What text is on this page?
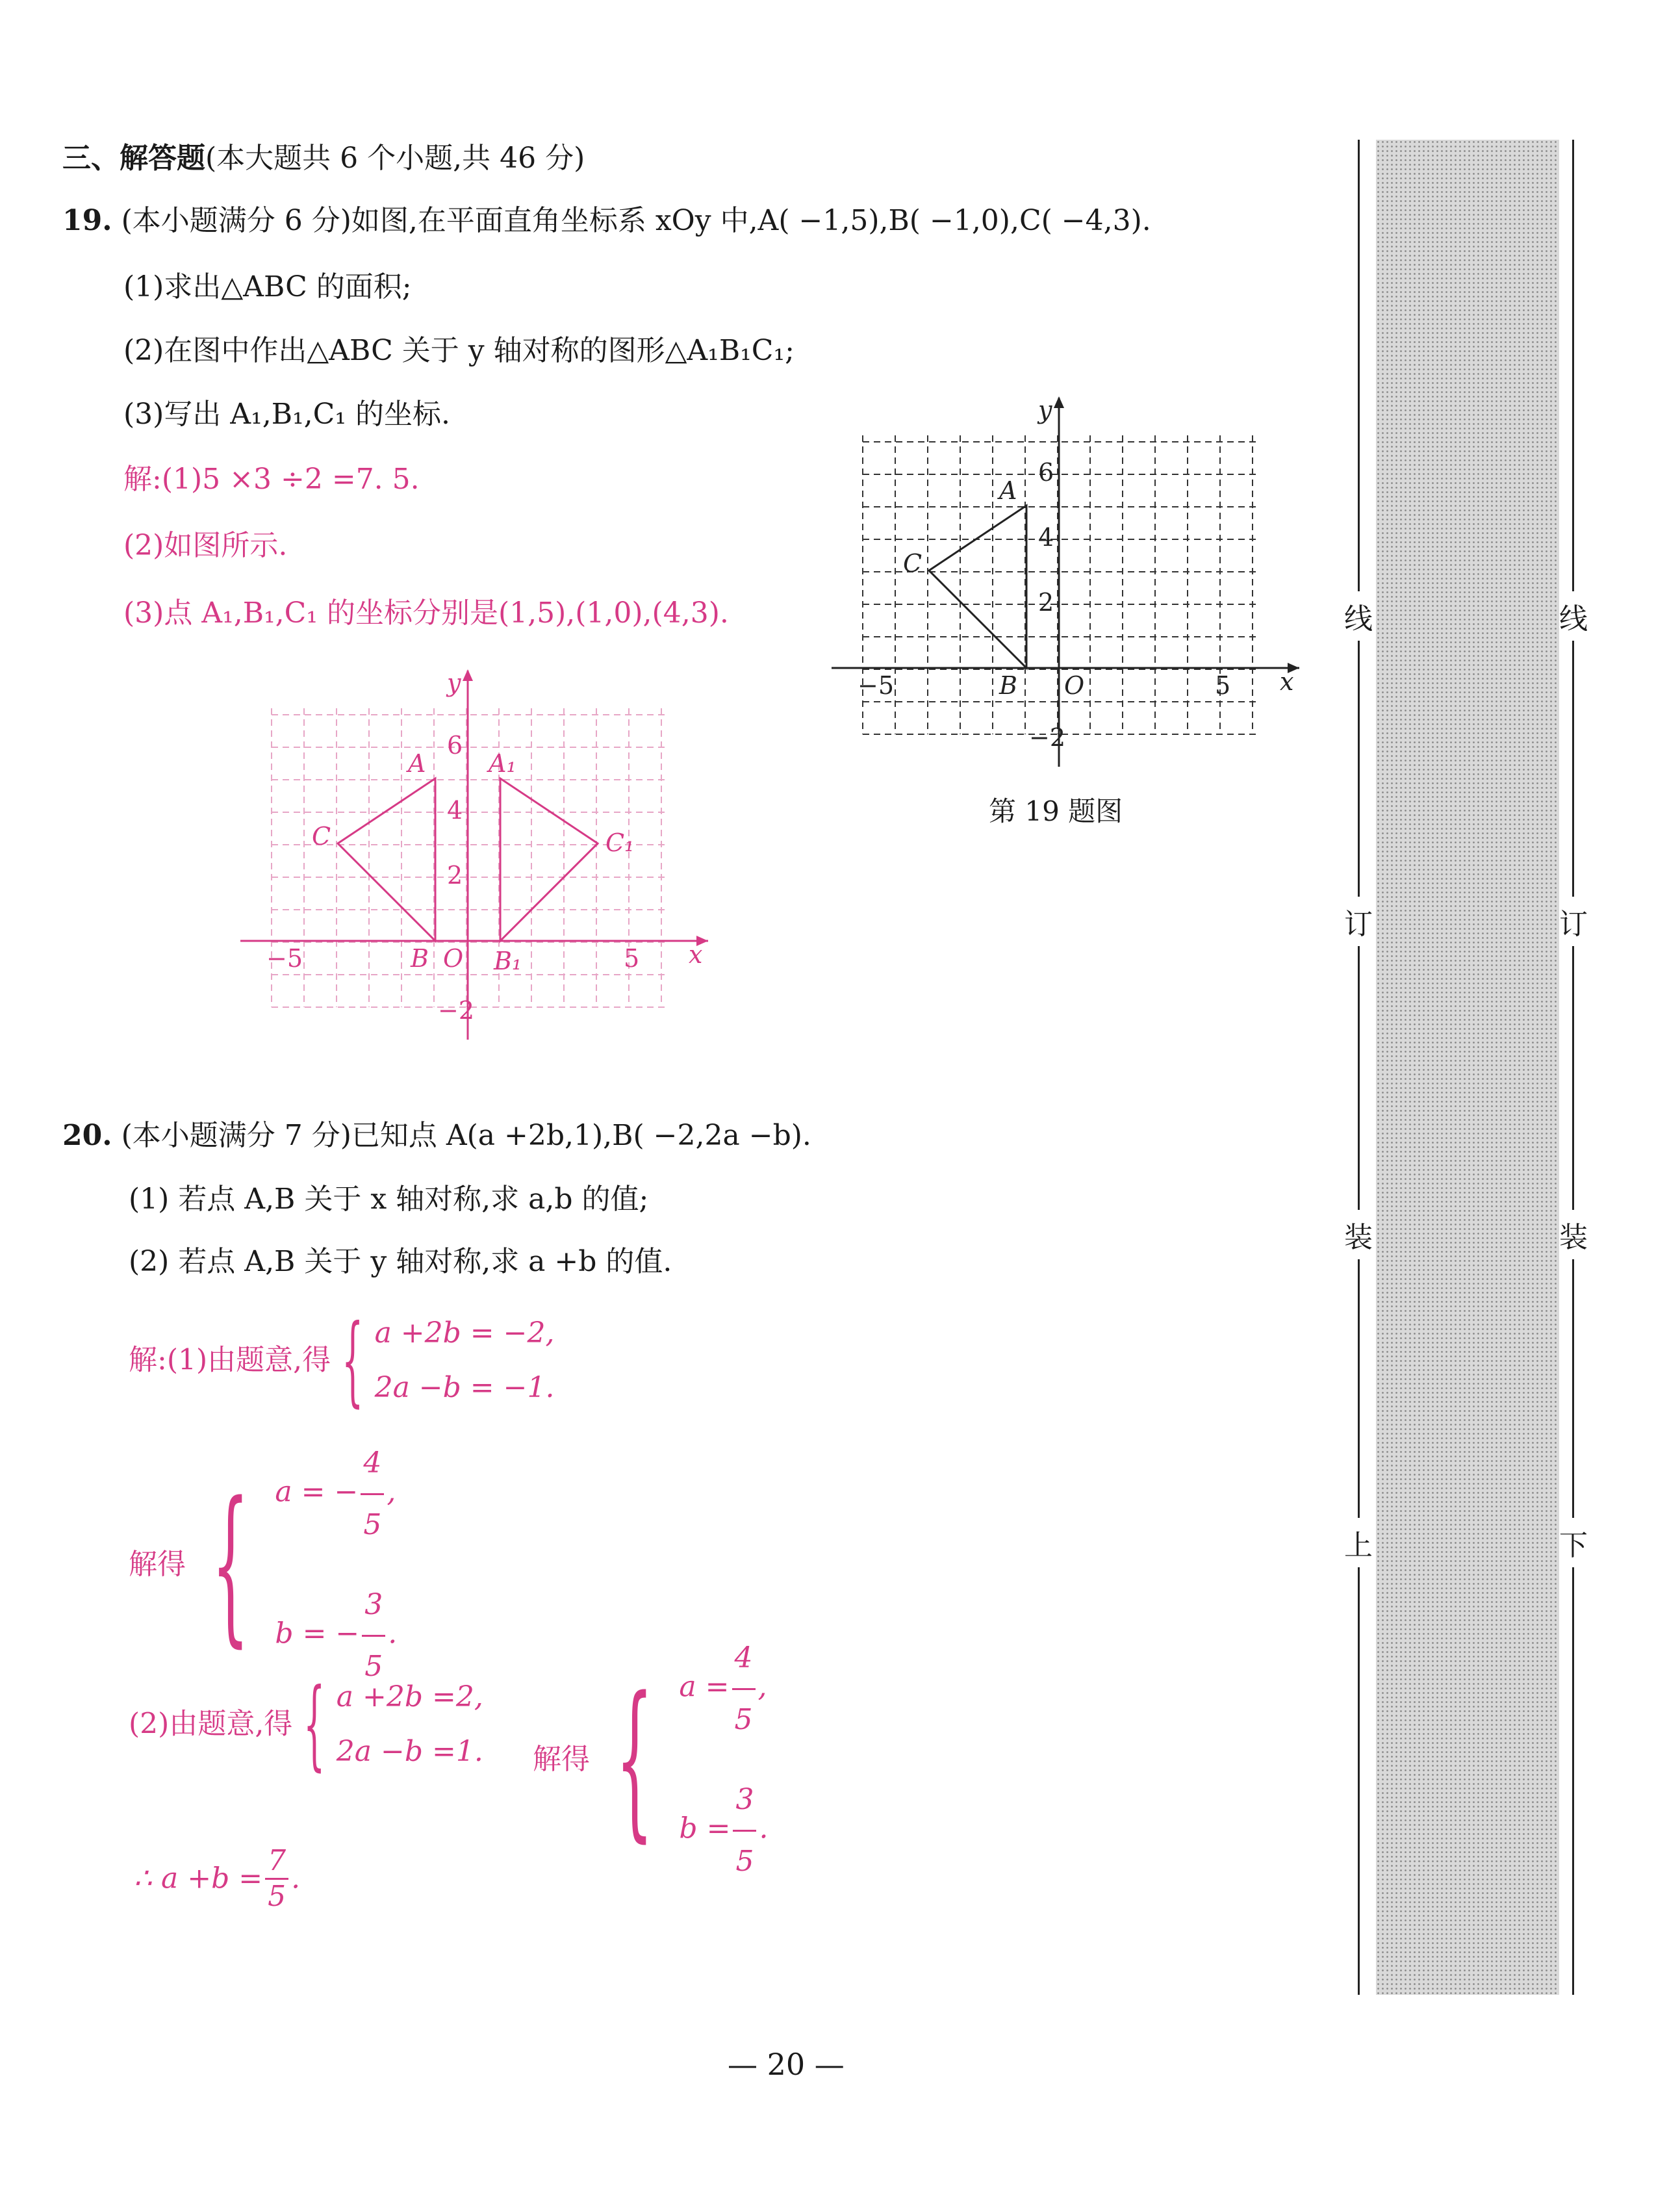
三、解答题(本大题共 6 个小题,共 46 分)
19. (本小题满分 6 分)如图,在平面直角坐标系 xOy 中,A( −1,5),B( −1,0),C( −4,3).
(1)求出△ABC 的面积;
(2)在图中作出△ABC 关于 y 轴对称的图形△A₁B₁C₁;
(3)写出 A₁,B₁,C₁ 的坐标.
解:(1)5 ×3 ÷2 =7. 5.
(2)如图所示.
(3)点 A₁,B₁,C₁ 的坐标分别是(1,5),(1,0),(4,3).
y
x
O
6
4
2
−5	5
−2
A
B
C
第 19 题图
y
x
O
6
4
2
−5	5
−2
A
B
C
A₁
B₁
C₁
20. (本小题满分 7 分)已知点 A(a +2b,1),B( −2,2a −b).
(1) 若点 A,B 关于 x 轴对称,求 a,b 的值;
(2) 若点 A,B 关于 y 轴对称,求 a +b 的值.
解:(1)由题意,得 { a +2b = −2,
2a −b = −1.
解得 { a = − $\frac{4}{5}$ ,
b = − $\frac{3}{5}$ .
(2)由题意,得 { a +2b =2,
2a −b =1. 解得 { $a = \frac{4}{5}$ ,
$b = \frac{3}{5}$ .
∴ $a +b = \frac{7}{5}$ .
— 20 —
线
订
装
上
线
订
装
下
